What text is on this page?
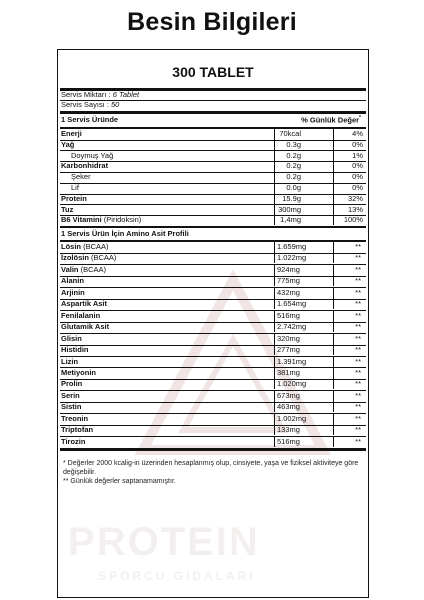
Besin Bilgileri
PROTEIN
SPORCU GIDALARI
300 TABLET
Servis Miktarı : 6 Tablet
Servis Sayısı : 50
1 Servis Üründe	% Günlük Değer*
Enerji	70kcal	4%
Yağ	0.3g	0%
Doymuş Yağ	0.2g	1%
Karbonhidrat	0.2g	0%
Şeker	0.2g	0%
Lif	0.0g	0%
Protein	15.9g	32%
Tuz	300mg	13%
B6 Vitamini (Piridoksin)	1,4mg	100%
1 Servis Ürün İçin Amino Asit Profili
Lösin (BCAA)	1.659mg	**
İzolösin (BCAA)	1.022mg	**
Valin (BCAA)	924mg	**
Alanin	775mg	**
Arjinin	432mg	**
Aspartik Asit	1.654mg	**
Fenilalanin	516mg	**
Glutamik Asit	2.742mg	**
Glisin	320mg	**
Histidin	277mg	**
Lizin	1.391mg	**
Metiyonin	381mg	**
Prolin	1.020mg	**
Serin	673mg	**
Sistin	463mg	**
Treonin	1.002mg	**
Triptofan	133mg	**
Tirozin	516mg	**
* Değerler 2000 kcalig-in üzerinden hesaplanmış olup, cinsiyete, yaşa ve fiziksel aktiviteye göre değişebilir.
** Günlük değerler saptanamamıştır.
